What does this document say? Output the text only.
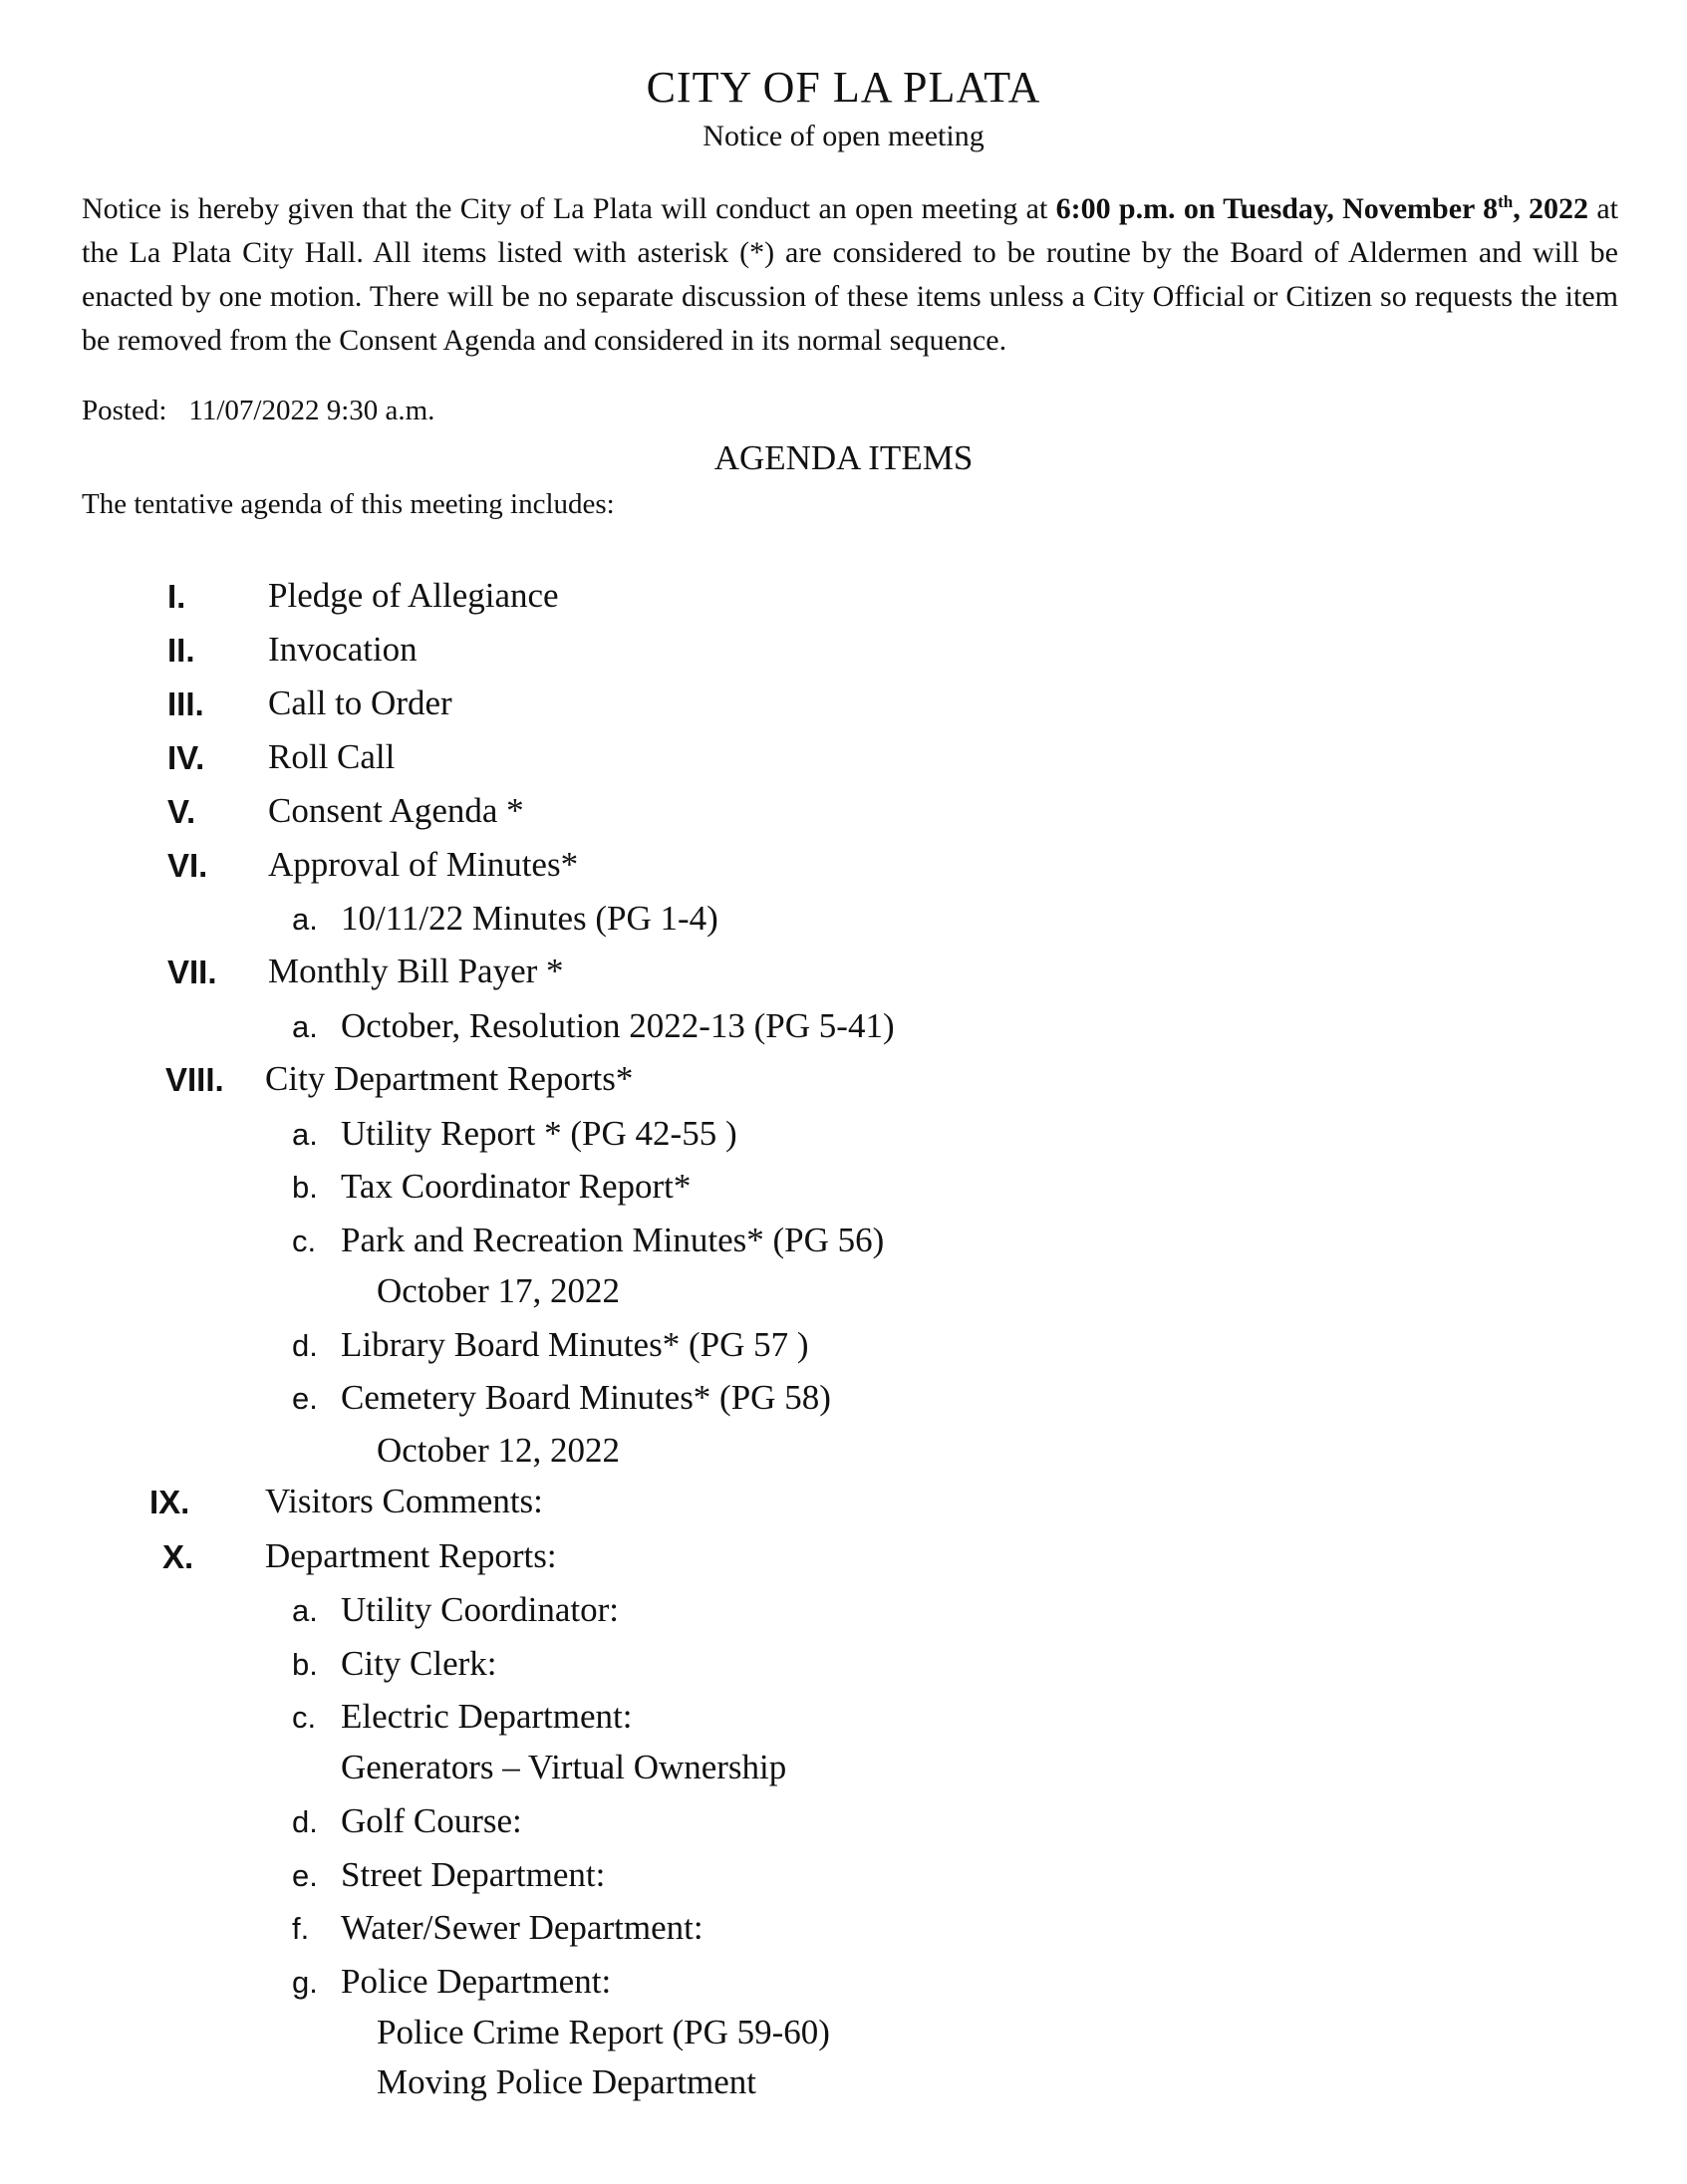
CITY OF LA PLATA
Notice of open meeting

Notice is hereby given that the City of La Plata will conduct an open meeting at 6:00 p.m. on Tuesday, November 8th, 2022 at the La Plata City Hall. All items listed with asterisk (*) are considered to be routine by the Board of Aldermen and will be enacted by one motion. There will be no separate discussion of these items unless a City Official or Citizen so requests the item be removed from the Consent Agenda and considered in its normal sequence.

Posted: 11/07/2022 9:30 a.m.
AGENDA ITEMS
The tentative agenda of this meeting includes:
I. Pledge of Allegiance
II. Invocation
III. Call to Order
IV. Roll Call
V. Consent Agenda *
VI. Approval of Minutes*
a. 10/11/22 Minutes (PG 1-4)
VII. Monthly Bill Payer *
a. October, Resolution 2022-13 (PG 5-41)
VIII. City Department Reports*
a. Utility Report * (PG 42-55 )
b. Tax Coordinator Report*
c. Park and Recreation Minutes* (PG 56)
October 17, 2022
d. Library Board Minutes* (PG 57 )
e. Cemetery Board Minutes* (PG 58)
October 12, 2022
IX. Visitors Comments:
X. Department Reports:
a. Utility Coordinator:
b. City Clerk:
c. Electric Department:
Generators – Virtual Ownership
d. Golf Course:
e. Street Department:
f. Water/Sewer Department:
g. Police Department:
Police Crime Report (PG 59-60)
Moving Police Department
